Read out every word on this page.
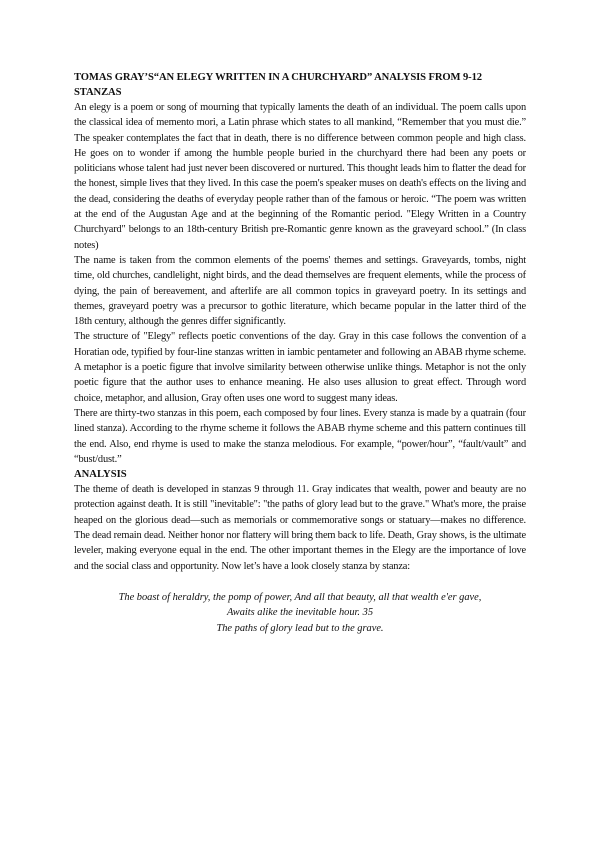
TOMAS GRAY’S“AN ELEGY WRITTEN IN A CHURCHYARD” ANALYSIS FROM 9-12 STANZAS

An elegy is a poem or song of mourning that typically laments the death of an individual. The poem calls upon the classical idea of memento mori, a Latin phrase which states to all mankind, “Remember that you must die.” The speaker contemplates the fact that in death, there is no difference between common people and high class. He goes on to wonder if among the humble people buried in the churchyard there had been any poets or politicians whose talent had just never been discovered or nurtured. This thought leads him to flatter the dead for the honest, simple lives that they lived. In this case the poem's speaker muses on death's effects on the living and the dead, considering the deaths of everyday people rather than of the famous or heroic. “The poem was written at the end of the Augustan Age and at the beginning of the Romantic period. "Elegy Written in a Country Churchyard" belongs to an 18th-century British pre-Romantic genre known as the graveyard school.” (In class notes)

The name is taken from the common elements of the poems' themes and settings. Graveyards, tombs, night time, old churches, candlelight, night birds, and the dead themselves are frequent elements, while the process of dying, the pain of bereavement, and afterlife are all common topics in graveyard poetry. In its settings and themes, graveyard poetry was a precursor to gothic literature, which became popular in the latter third of the 18th century, although the genres differ significantly.

The structure of "Elegy" reflects poetic conventions of the day. Gray in this case follows the convention of a Horatian ode, typified by four-line stanzas written in iambic pentameter and following an ABAB rhyme scheme. A metaphor is a poetic figure that involve similarity between otherwise unlike things. Metaphor is not the only poetic figure that the author uses to enhance meaning. He also uses allusion to great effect. Through word choice, metaphor, and allusion, Gray often uses one word to suggest many ideas.

There are thirty-two stanzas in this poem, each composed by four lines. Every stanza is made by a quatrain (four lined stanza). According to the rhyme scheme it follows the ABAB rhyme scheme and this pattern continues till the end. Also, end rhyme is used to make the stanza melodious. For example, “power/hour”, “fault/vault” and “bust/dust.”

ANALYSIS

The theme of death is developed in stanzas 9 through 11. Gray indicates that wealth, power and beauty are no protection against death. It is still "inevitable": "the paths of glory lead but to the grave." What's more, the praise heaped on the glorious dead—such as memorials or commemorative songs or statuary—makes no difference. The dead remain dead. Neither honor nor flattery will bring them back to life. Death, Gray shows, is the ultimate leveler, making everyone equal in the end. The other important themes in the Elegy are the importance of love and the social class and opportunity. Now let’s have a look closely stanza by stanza:

The boast of heraldry, the pomp of power, And all that beauty, all that wealth e'er gave,
Awaits alike the inevitable hour. 35
The paths of glory lead but to the grave.
